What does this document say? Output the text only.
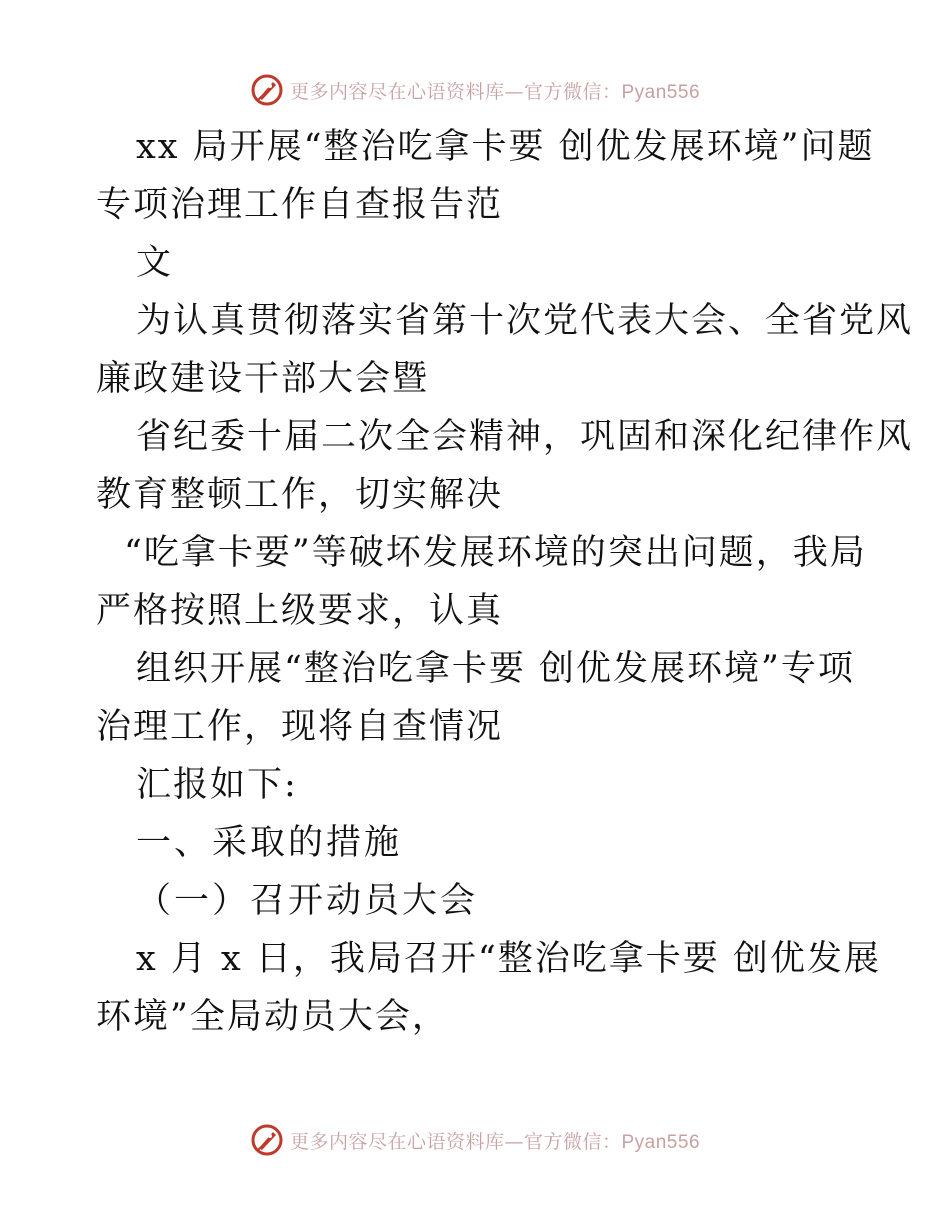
更多内容尽在心语资料库—官方微信：Pyan556
xx 局开展“整治吃拿卡要 创优发展环境”问题
专项治理工作自查报告范
文
为认真贯彻落实省第十次党代表大会、全省党风
廉政建设干部大会暨
省纪委十届二次全会精神，巩固和深化纪律作风
教育整顿工作，切实解决
“吃拿卡要”等破坏发展环境的突出问题，我局
严格按照上级要求，认真
组织开展“整治吃拿卡要 创优发展环境”专项
治理工作，现将自查情况
汇报如下:
一、采取的措施
（一）召开动员大会
x 月 x 日，我局召开“整治吃拿卡要 创优发展
环境”全局动员大会，
更多内容尽在心语资料库—官方微信：Pyan556
